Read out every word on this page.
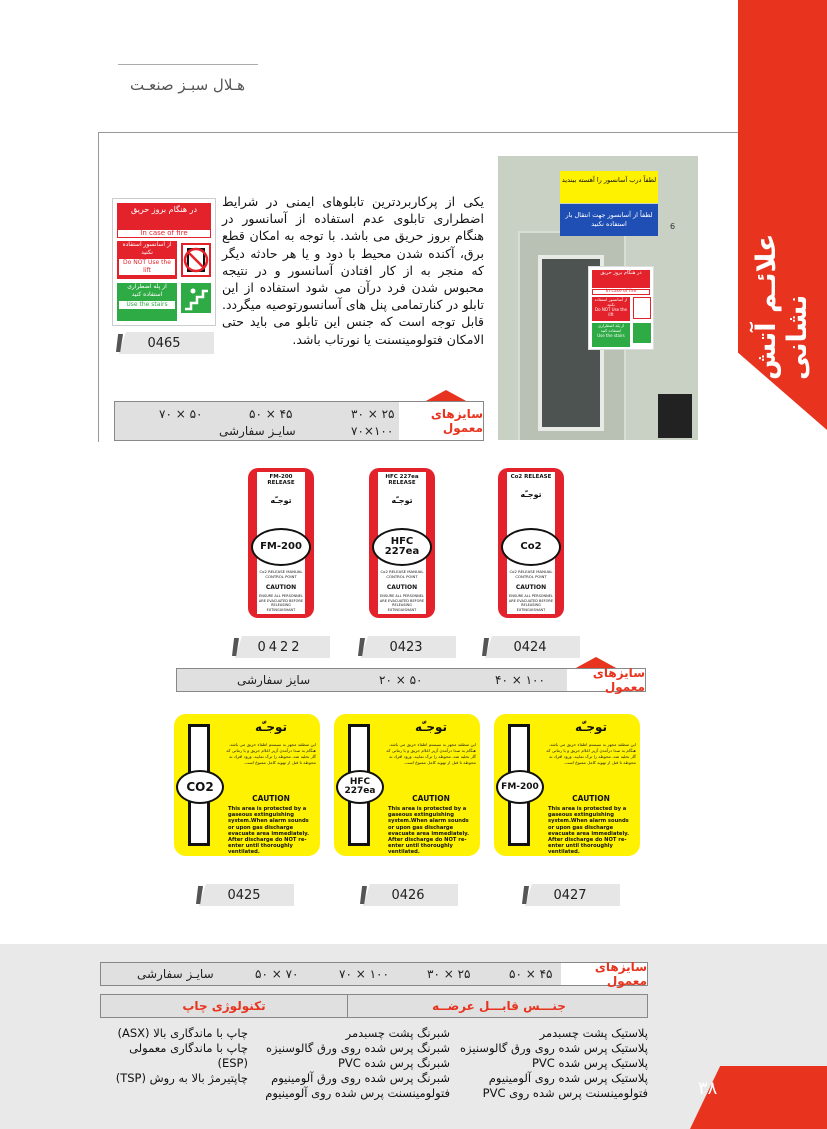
هـلال سبـز صنعـت
علائـم آتش نشانی
یکی از پرکاربردترین تابلوهای ایمنی در شرایط اضطراری تابلوی عدم استفاده از آسانسور در هنگام بروز حریق می باشد. با توجه به امکان قطع برق، آکنده شدن محیط با دود و یا هر حادثه دیگر که منجر به از کار افتادن آسانسور و در نتیجه محبوس شدن فرد درآن می شود استفاده از این تابلو در کنارتمامی پنل های آسانسورتوصیه میگردد. قابل توجه است که جنس این تابلو می باید حتی الامکان فتولومینسنت یا نورتاب باشد.
در هنگام بروز حریق
In case of fire
از آسانسور استفاده نکنید
Do NOT Use the lift
از پله اضطراری استفاده کنید
Use the stairs
0465
لطفاً درب آسانسور را آهسته ببندید
لطفاً از آسانسور جهت انتقال بار استفاده نکنید
در هنگام بروز حریق
In case of fire
از آسانسور استفاده نکنید
Do NOT Use the lift
از پله اضطراری استفاده کنید
Use the stairs
6
سایزهای معمول
۲۵ × ۳۰
۴۵ × ۵۰
۵۰ × ۷۰
۱۰۰×۷۰
سایـز سفارشی
Co2 RELEASE
توجـّه
Co2
Co2 RELEASE MANUAL CONTROL POINT
CAUTION
ENSURE ALL PERSONNEL ARE EVACUATED BEFORE RELEASING EXTINGUISHANT
HFC 227ea RELEASE
توجـّه
HFC 227ea
Co2 RELEASE MANUAL CONTROL POINT
CAUTION
ENSURE ALL PERSONNEL ARE EVACUATED BEFORE RELEASING EXTINGUISHANT
FM-200 RELEASE
توجـّه
FM-200
Co2 RELEASE MANUAL CONTROL POINT
CAUTION
ENSURE ALL PERSONNEL ARE EVACUATED BEFORE RELEASING EXTINGUISHANT
0424
0423
0422
سایزهای معمول
۱۰۰ × ۴۰
۵۰ × ۲۰
سایز سفارشی
FM-200
توجـّه
این منطقه مجهز به سیستم اطفاء حریق می باشد. هنگام به صدا درآمدن آژیر اعلام حریق و یا زمانی که گاز تخلیه شد، محوطه را ترک نمایید. ورود افراد به محوطه تا قبل از تهویه کامل ممنوع است.
CAUTION
This area is protected by a gaseous extinguishing system.When alarm sounds or upon gas discharge evacuate area immediately. After discharge do NOT re-enter until thoroughly ventilated.
HFC 227ea
توجـّه
این منطقه مجهز به سیستم اطفاء حریق می باشد. هنگام به صدا درآمدن آژیر اعلام حریق و یا زمانی که گاز تخلیه شد، محوطه را ترک نمایید. ورود افراد به محوطه تا قبل از تهویه کامل ممنوع است.
CAUTION
This area is protected by a gaseous extinguishing system.When alarm sounds or upon gas discharge evacuate area immediately. After discharge do NOT re-enter until thoroughly ventilated.
CO2
توجـّه
این منطقه مجهز به سیستم اطفاء حریق می باشد. هنگام به صدا درآمدن آژیر اعلام حریق و یا زمانی که گاز تخلیه شد، محوطه را ترک نمایید. ورود افراد به محوطه تا قبل از تهویه کامل ممنوع است.
CAUTION
This area is protected by a gaseous extinguishing system.When alarm sounds or upon gas discharge evacuate area immediately. After discharge do NOT re-enter until thoroughly ventilated.
0427
0426
0425
سایزهای معمول
۴۵ × ۵۰
۲۵ × ۳۰
۱۰۰ × ۷۰
۷۰ × ۵۰
سایـز سفارشی
جنـــس قابـــل عرضــه
تکنولوژی چاپ
پلاستیک پشت چسبدمر
پلاستیک پرس شده روی ورق گالوسنیزه
پلاستیک پرس شده PVC
پلاستیک پرس شده روی آلومینیوم
فتولومینسنت پرس شده روی PVC
شبرنگ پشت چسبدمر
شبرنگ پرس شده روی ورق گالوسنیزه
شبرنگ پرس شده PVC
شبرنگ پرس شده روی ورق آلومینیوم
فتولومینسنت پرس شده روی آلومینیوم
چاپ با ماندگاری بالا (ASX)
چاپ با ماندگاری معمولی (ESP)
چاپتیرمژ بالا به روش (TSP)	۳۸
